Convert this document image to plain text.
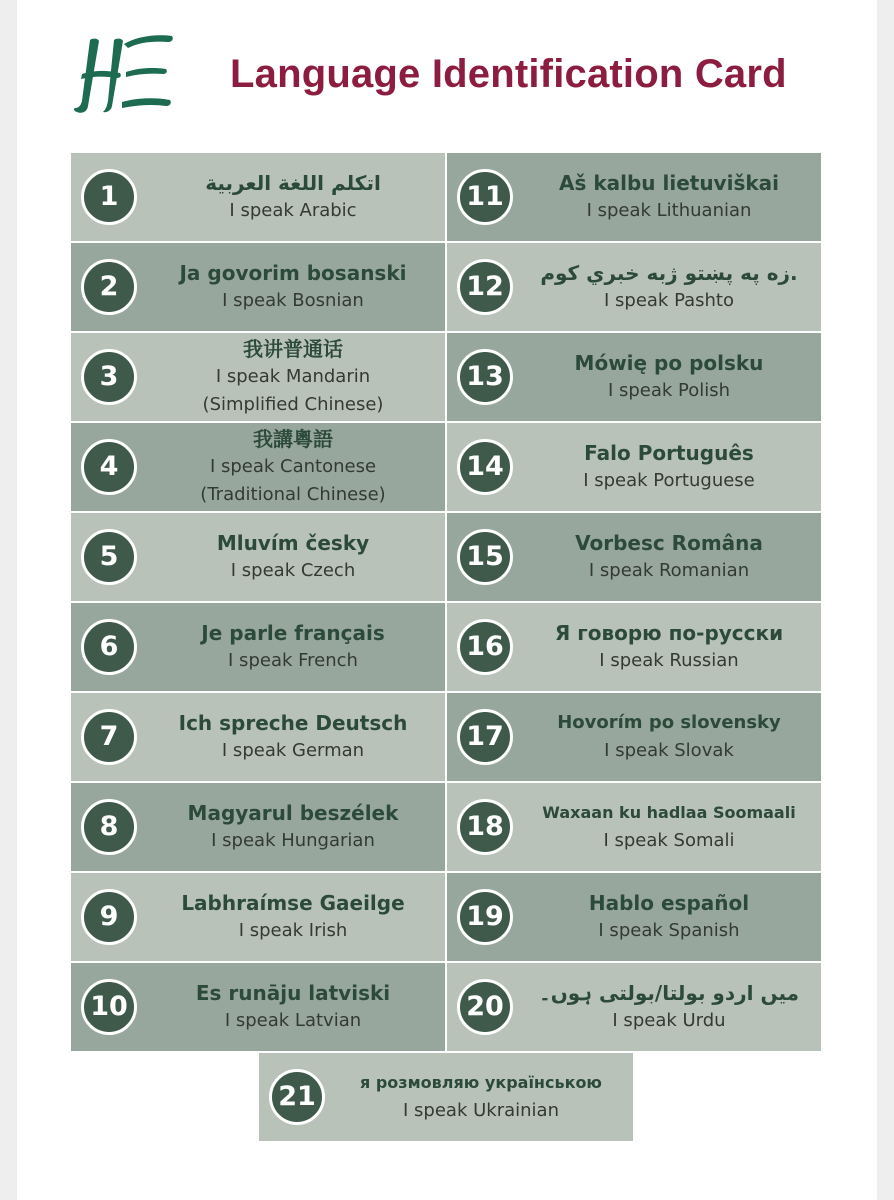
Language Identification Card
1	اتكلم اللغة العربية
I speak Arabic	11	Aš kalbu lietuviškai
I speak Lithuanian
2	Ja govorim bosanski
I speak Bosnian	12	زه په پښتو ژبه خبري کوم.
I speak Pashto
3
我讲普通话
I speak Mandarin
(Simplified Chinese)
13	Mówię po polsku
I speak Polish
4
我講粵語
I speak Cantonese
(Traditional Chinese)
14	Falo Português
I speak Portuguese
5	Mluvím česky
I speak Czech	15	Vorbesc Româna
I speak Romanian
6	Je parle français
I speak French	16	Я говорю по-русски
I speak Russian
7	Ich spreche Deutsch
I speak German	17	Hovorím po slovensky
I speak Slovak
8	Magyarul beszélek
I speak Hungarian	18	Waxaan ku hadlaa Soomaali
I speak Somali
9	Labhraímse Gaeilge
I speak Irish	19	Hablo español
I speak Spanish
10	Es runāju latviski
I speak Latvian	20	میں اردو بولتا/بولتی ہوں۔
I speak Urdu
21	я розмовляю українською
I speak Ukrainian
